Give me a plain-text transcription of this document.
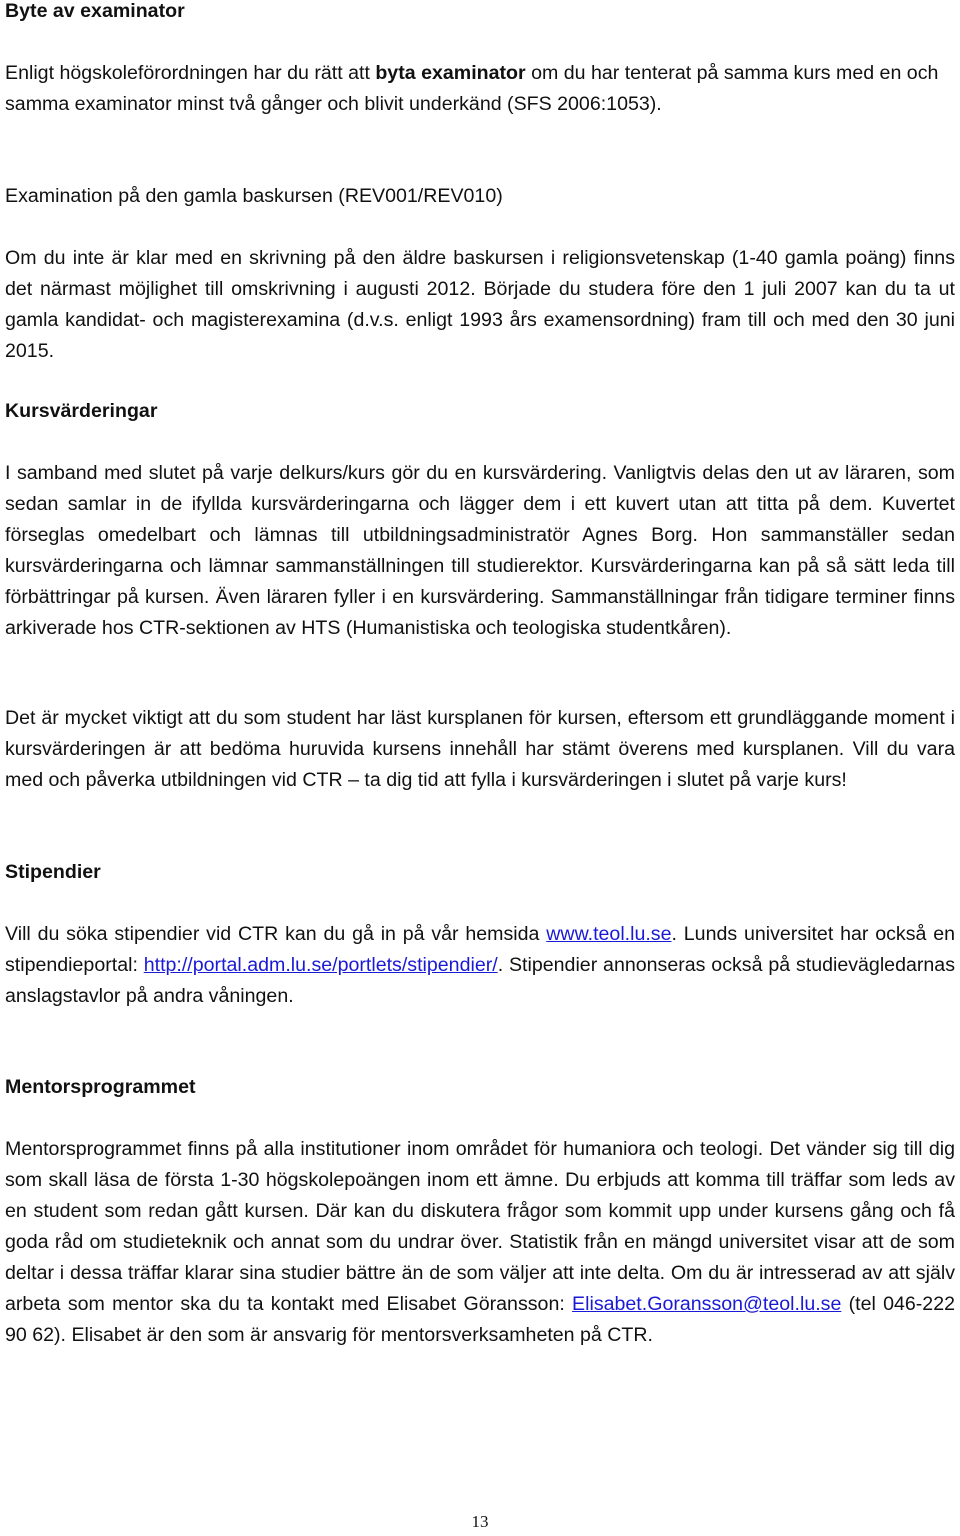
Byte av examinator

Enligt högskoleförordningen har du rätt att byta examinator om du har tenterat på samma kurs med en och samma examinator minst två gånger och blivit underkänd (SFS 2006:1053).

Examination på den gamla baskursen (REV001/REV010)

Om du inte är klar med en skrivning på den äldre baskursen i religionsvetenskap (1-40 gamla poäng) finns det närmast möjlighet till omskrivning i augusti 2012. Började du studera före den 1 juli 2007 kan du ta ut gamla kandidat- och magisterexamina (d.v.s. enligt 1993 års examensordning) fram till och med den 30 juni 2015.

Kursvärderingar

I samband med slutet på varje delkurs/kurs gör du en kursvärdering. Vanligtvis delas den ut av läraren, som sedan samlar in de ifyllda kursvärderingarna och lägger dem i ett kuvert utan att titta på dem. Kuvertet förseglas omedelbart och lämnas till utbildningsadministratör Agnes Borg. Hon sammanställer sedan kursvärderingarna och lämnar sammanställningen till studierektor. Kursvärderingarna kan på så sätt leda till förbättringar på kursen. Även läraren fyller i en kursvärdering. Sammanställningar från tidigare terminer finns arkiverade hos CTR-sektionen av HTS (Humanistiska och teologiska studentkåren).

Det är mycket viktigt att du som student har läst kursplanen för kursen, eftersom ett grundläggande moment i kursvärderingen är att bedöma huruvida kursens innehåll har stämt överens med kursplanen. Vill du vara med och påverka utbildningen vid CTR – ta dig tid att fylla i kursvärderingen i slutet på varje kurs!

Stipendier

Vill du söka stipendier vid CTR kan du gå in på vår hemsida www.teol.lu.se. Lunds universitet har också en stipendieportal: http://portal.adm.lu.se/portlets/stipendier/. Stipendier annonseras också på studievägledarnas anslagstavlor på andra våningen.

Mentorsprogrammet

Mentorsprogrammet finns på alla institutioner inom området för humaniora och teologi. Det vänder sig till dig som skall läsa de första 1-30 högskolepoängen inom ett ämne. Du erbjuds att komma till träffar som leds av en student som redan gått kursen. Där kan du diskutera frågor som kommit upp under kursens gång och få goda råd om studieteknik och annat som du undrar över. Statistik från en mängd universitet visar att de som deltar i dessa träffar klarar sina studier bättre än de som väljer att inte delta. Om du är intresserad av att själv arbeta som mentor ska du ta kontakt med Elisabet Göransson: Elisabet.Goransson@teol.lu.se (tel 046-222 90 62). Elisabet är den som är ansvarig för mentorsverksamheten på CTR.

13
